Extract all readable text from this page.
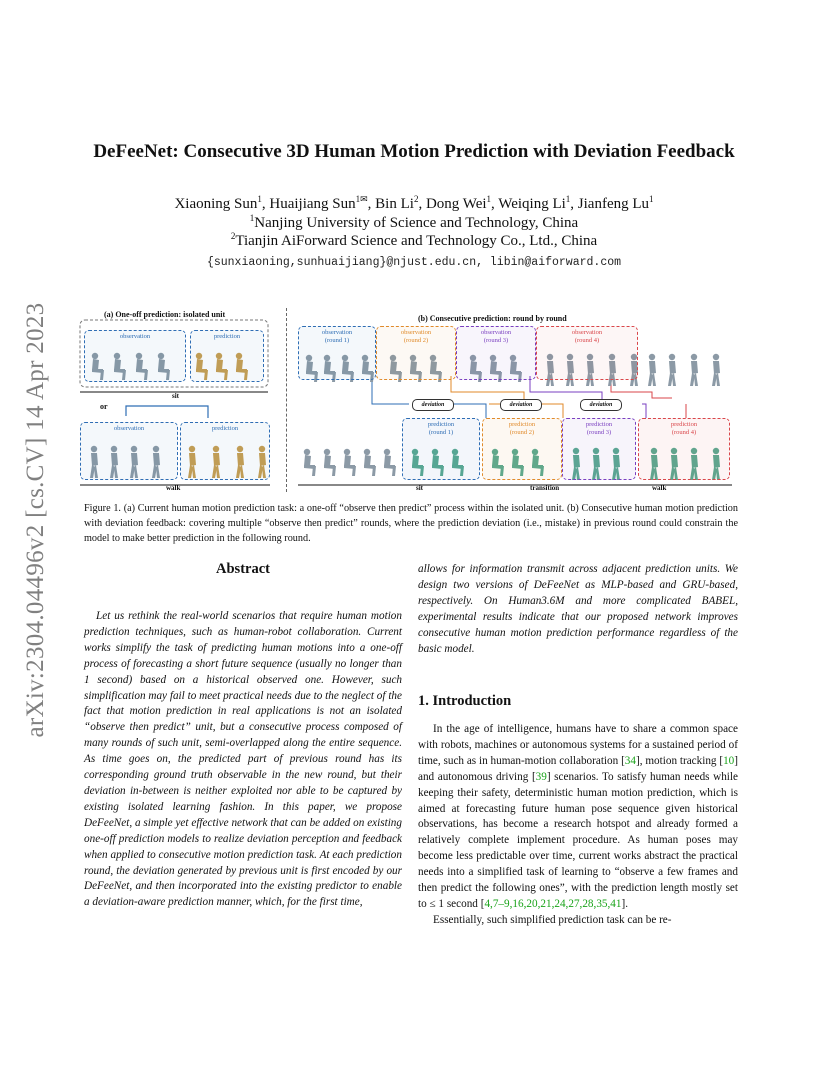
arXiv:2304.04496v2 [cs.CV] 14 Apr 2023
DeFeeNet: Consecutive 3D Human Motion Prediction with Deviation Feedback
Xiaoning Sun$^1$, Huaijiang Sun$^{1✉}$, Bin Li$^2$, Dong Wei$^1$, Weiqing Li$^1$, Jianfeng Lu$^1$
$^1$Nanjing University of Science and Technology, China
$^2$Tianjin AiForward Science and Technology Co., Ltd., China
{sunxiaoning,sunhuaijiang}@njust.edu.cn, libin@aiforward.com
(a) One-off prediction: isolated unit	(b) Consecutive prediction: round by round
observation	prediction
sit
or
observation	prediction
walk
observation
(round 1)
observation
(round 2)
observation
(round 3)
observation
(round 4)
deviation	deviation	deviation
prediction
(round 1)
prediction
(round 2)
prediction
(round 3)
prediction
(round 4)
sit	transition	walk
Figure 1. (a) Current human motion prediction task: a one-off “observe then predict” process within the isolated unit. (b) Consecutive human motion prediction with deviation feedback: covering multiple “observe then predict” rounds, where the prediction deviation (i.e., mistake) in previous round could constrain the model to make better prediction in the following round.
Abstract
Let us rethink the real-world scenarios that require human motion prediction techniques, such as human-robot collaboration. Current works simplify the task of predicting human motions into a one-off process of forecasting a short future sequence (usually no longer than 1 second) based on a historical observed one. However, such simplification may fail to meet practical needs due to the neglect of the fact that motion prediction in real applications is not an isolated “observe then predict” unit, but a consecutive process composed of many rounds of such unit, semi-overlapped along the entire sequence. As time goes on, the predicted part of previous round has its corresponding ground truth observable in the new round, but their deviation in-between is neither exploited nor able to be captured by existing isolated learning fashion. In this paper, we propose DeFeeNet, a simple yet effective network that can be added on existing one-off prediction models to realize deviation perception and feedback when applied to consecutive motion prediction task. At each prediction round, the deviation generated by previous unit is first encoded by our DeFeeNet, and then incorporated into the existing predictor to enable a deviation-aware prediction manner, which, for the first time,
allows for information transmit across adjacent prediction units. We design two versions of DeFeeNet as MLP-based and GRU-based, respectively. On Human3.6M and more complicated BABEL, experimental results indicate that our proposed network improves consecutive human motion prediction performance regardless of the basic model.
1. Introduction

In the age of intelligence, humans have to share a common space with robots, machines or autonomous systems for a sustained period of time, such as in human-motion collaboration [34], motion tracking [10] and autonomous driving [39] scenarios. To satisfy human needs while keeping their safety, deterministic human motion prediction, which is aimed at forecasting future human pose sequence given historical observations, has become a research hotspot and already formed a relatively complete implement procedure. As human poses may become less predictable over time, current works abstract the practical needs into a simplified task of learning to “observe a few frames and then predict the following ones”, with the prediction length mostly set to ≤ 1 second [4,7–9,16,20,21,24,27,28,35,41].

Essentially, such simplified prediction task can be re-
